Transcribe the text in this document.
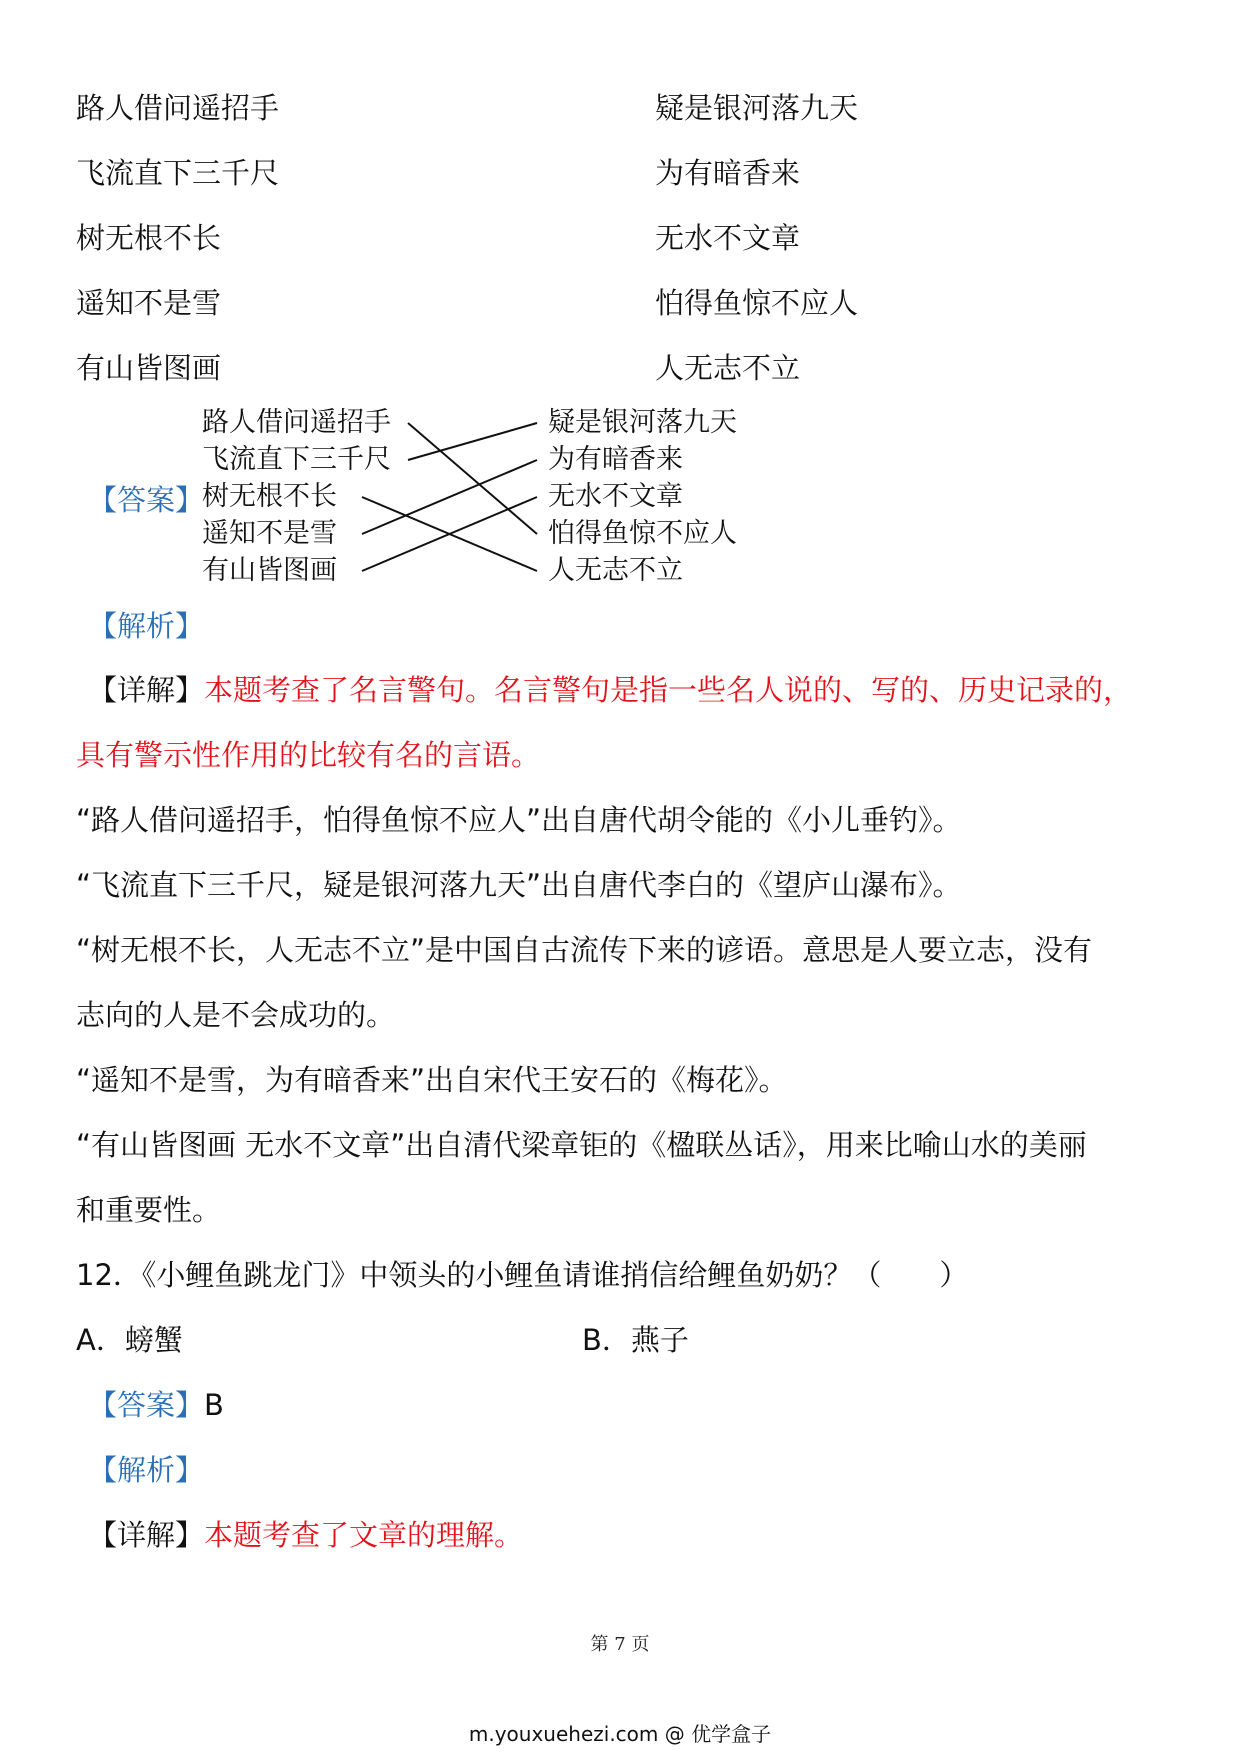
路人借问遥招手	疑是银河落九天
飞流直下三千尺	为有暗香来
树无根不长	无水不文章
遥知不是雪	怕得鱼惊不应人
有山皆图画	人无志不立
【答案】
路人借问遥招手
飞流直下三千尺
树无根不长
遥知不是雪
有山皆图画
疑是银河落九天
为有暗香来
无水不文章
怕得鱼惊不应人
人无志不立
【解析】
【详解】本题考查了名言警句。名言警句是指一些名人说的、写的、历史记录的，
具有警示性作用的比较有名的言语。
“路人借问遥招手，怕得鱼惊不应人”出自唐代胡令能的《小儿垂钓》。
“飞流直下三千尺，疑是银河落九天”出自唐代李白的《望庐山瀑布》。
“树无根不长，人无志不立”是中国自古流传下来的谚语。意思是人要立志，没有
志向的人是不会成功的。
“遥知不是雪，为有暗香来”出自宋代王安石的《梅花》。
“有山皆图画 无水不文章”出自清代梁章钜的《楹联丛话》，用来比喻山水的美丽
和重要性。
12．《小鲤鱼跳龙门》中领头的小鲤鱼请谁捎信给鲤鱼奶奶？（　　）
A．螃蟹	B．燕子
【答案】B
【解析】
【详解】本题考查了文章的理解。
第 7 页
m.youxuehezi.com @ 优学盒子
